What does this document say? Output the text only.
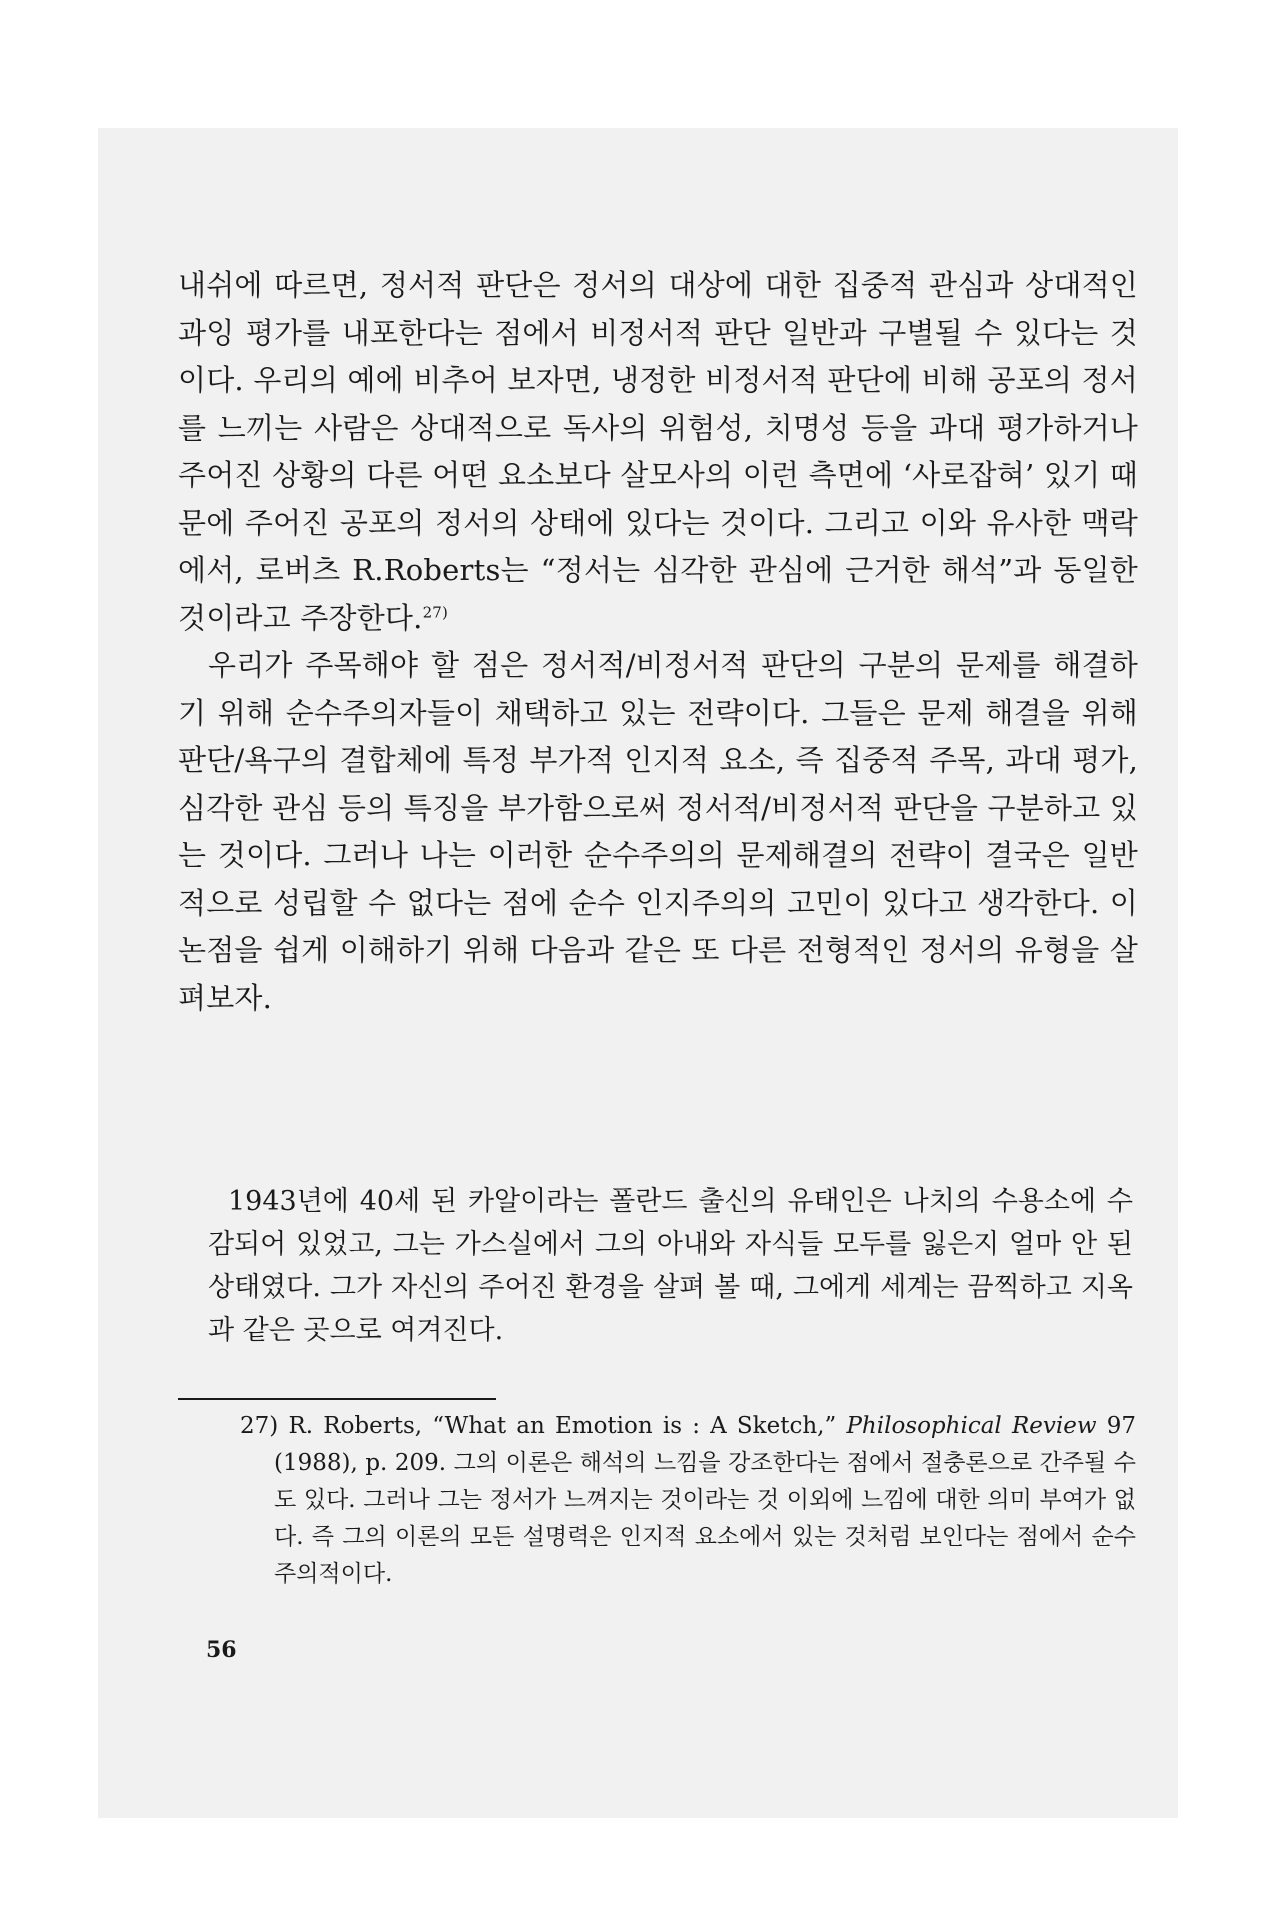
내쉬에 따르면, 정서적 판단은 정서의 대상에 대한 집중적 관심과 상대적인 과잉 평가를 내포한다는 점에서 비정서적 판단 일반과 구별될 수 있다는 것이다. 우리의 예에 비추어 보자면, 냉정한 비정서적 판단에 비해 공포의 정서를 느끼는 사람은 상대적으로 독사의 위험성, 치명성 등을 과대 평가하거나 주어진 상황의 다른 어떤 요소보다 살모사의 이런 측면에 ‘사로잡혀’ 있기 때문에 주어진 공포의 정서의 상태에 있다는 것이다. 그리고 이와 유사한 맥락에서, 로버츠 R.Roberts는 “정서는 심각한 관심에 근거한 해석”과 동일한 것이라고 주장한다.$^{27)}$

우리가 주목해야 할 점은 정서적/비정서적 판단의 구분의 문제를 해결하기 위해 순수주의자들이 채택하고 있는 전략이다. 그들은 문제 해결을 위해 판단/욕구의 결합체에 특정 부가적 인지적 요소, 즉 집중적 주목, 과대 평가, 심각한 관심 등의 특징을 부가함으로써 정서적/비정서적 판단을 구분하고 있는 것이다. 그러나 나는 이러한 순수주의의 문제해결의 전략이 결국은 일반적으로 성립할 수 없다는 점에 순수 인지주의의 고민이 있다고 생각한다. 이 논점을 쉽게 이해하기 위해 다음과 같은 또 다른 전형적인 정서의 유형을 살펴보자.

1943년에 40세 된 카알이라는 폴란드 출신의 유태인은 나치의 수용소에 수감되어 있었고, 그는 가스실에서 그의 아내와 자식들 모두를 잃은지 얼마 안 된 상태였다. 그가 자신의 주어진 환경을 살펴 볼 때, 그에게 세계는 끔찍하고 지옥과 같은 곳으로 여겨진다.

27) R. Roberts, “What an Emotion is : A Sketch,” Philosophical Review 97 (1988), p. 209. 그의 이론은 해석의 느낌을 강조한다는 점에서 절충론으로 간주될 수도 있다. 그러나 그는 정서가 느껴지는 것이라는 것 이외에 느낌에 대한 의미 부여가 없다. 즉 그의 이론의 모든 설명력은 인지적 요소에서 있는 것처럼 보인다는 점에서 순수주의적이다.
56
